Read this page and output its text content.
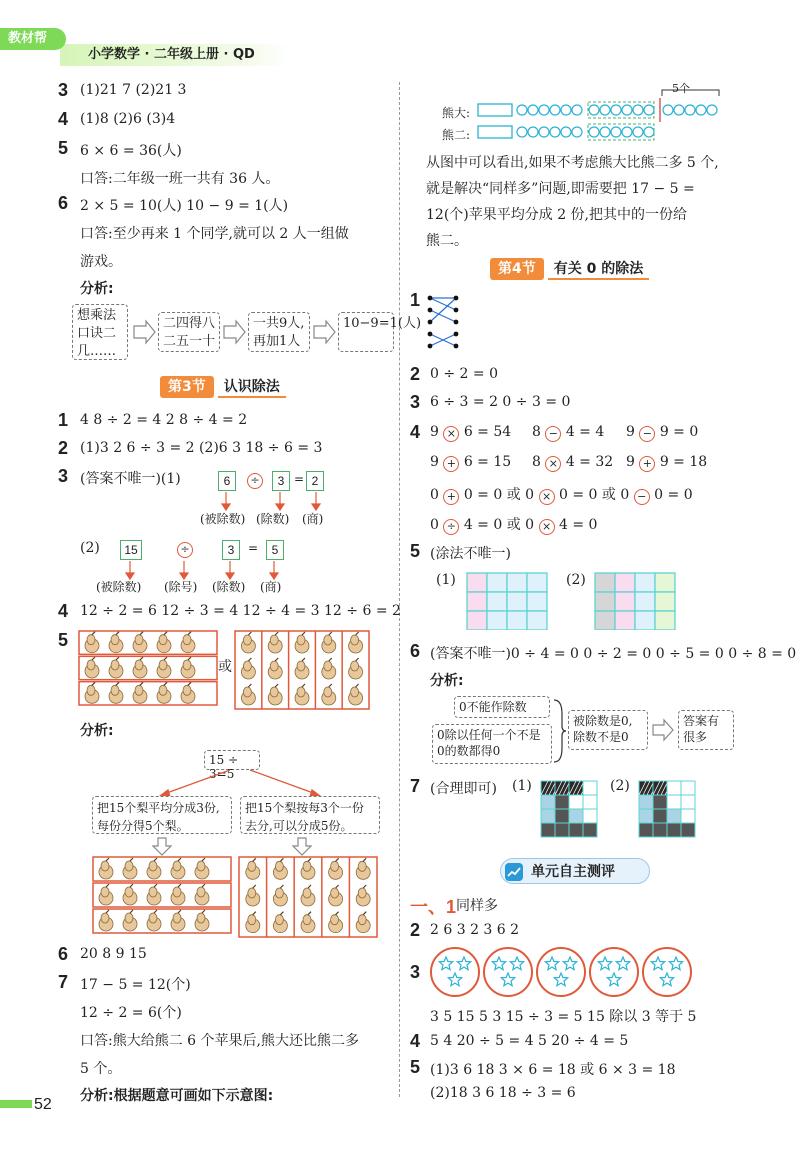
小学数学 · 二年级上册 · QD
教材帮
3 (1)21 7 (2)21 3
4 (1)8 (2)6 (3)4
5 6 × 6 = 36(人)
口答:二年级一班一共有 36 人。
6 2 × 5 = 10(人) 10 − 9 = 1(人)
口答:至少再来 1 个同学,就可以 2 人一组做
游戏。
分析:
想乘法口诀二几……
二四得八二五一十
一共9人,再加1人
10−9=1(人)
第3节 认识除法
1 4 8 ÷ 2 = 4 2 8 ÷ 4 = 2
2 (1)3 2 6 ÷ 3 = 2 (2)6 3 18 ÷ 6 = 3
3 (答案不唯一)(1)	6	÷	3 = 2
(被除数) (除数) (商)
(2)	15	÷	3	=	5
(被除数) (除号) (除数) (商)
4 12 ÷ 2 = 6 12 ÷ 3 = 4 12 ÷ 4 = 3 12 ÷ 6 = 2
5
或
分析:
15 ÷ 3=5
把15个梨平均分成3份,每份分得5个梨。
把15个梨按每3个一份去分,可以分成5份。
6 20 8 9 15
7 17 − 5 = 12(个)
12 ÷ 2 = 6(个)
口答:熊大给熊二 6 个苹果后,熊大还比熊二多
5 个。
分析:根据题意可画如下示意图:
52
5个
熊大:
熊二:
从图中可以看出,如果不考虑熊大比熊二多 5 个,
就是解决“同样多”问题,即需要把 17 − 5 =
12(个)苹果平均分成 2 份,把其中的一份给
熊二。
第4节 有关 0 的除法
1
2 0 ÷ 2 = 0
3 6 ÷ 3 = 2 0 ÷ 3 = 0
4 9 × 6 = 54 8 − 4 = 4 9 − 9 = 0
9 + 6 = 15 8 × 4 = 32 9 + 9 = 18
0 + 0 = 0 或 0 × 0 = 0 或 0 − 0 = 0
0 ÷ 4 = 0 或 0 × 4 = 0
5 (涂法不唯一)
(1)	(2)
6 (答案不唯一)0 ÷ 4 = 0 0 ÷ 2 = 0 0 ÷ 5 = 0 0 ÷ 8 = 0
分析:
0不能作除数
0除以任何一个不是0的数都得0
被除数是0,除数不是0
答案有很多
7 (合理即可) (1)	(2)
单元自主测评
一、1 同样多
2 2 6 3 2 3 6 2
3
3 5 15 5 3 15 ÷ 3 = 5 15 除以 3 等于 5
4 5 4 20 ÷ 5 = 4 5 20 ÷ 4 = 5
5 (1)3 6 18 3 × 6 = 18 或 6 × 3 = 18
(2)18 3 6 18 ÷ 3 = 6
